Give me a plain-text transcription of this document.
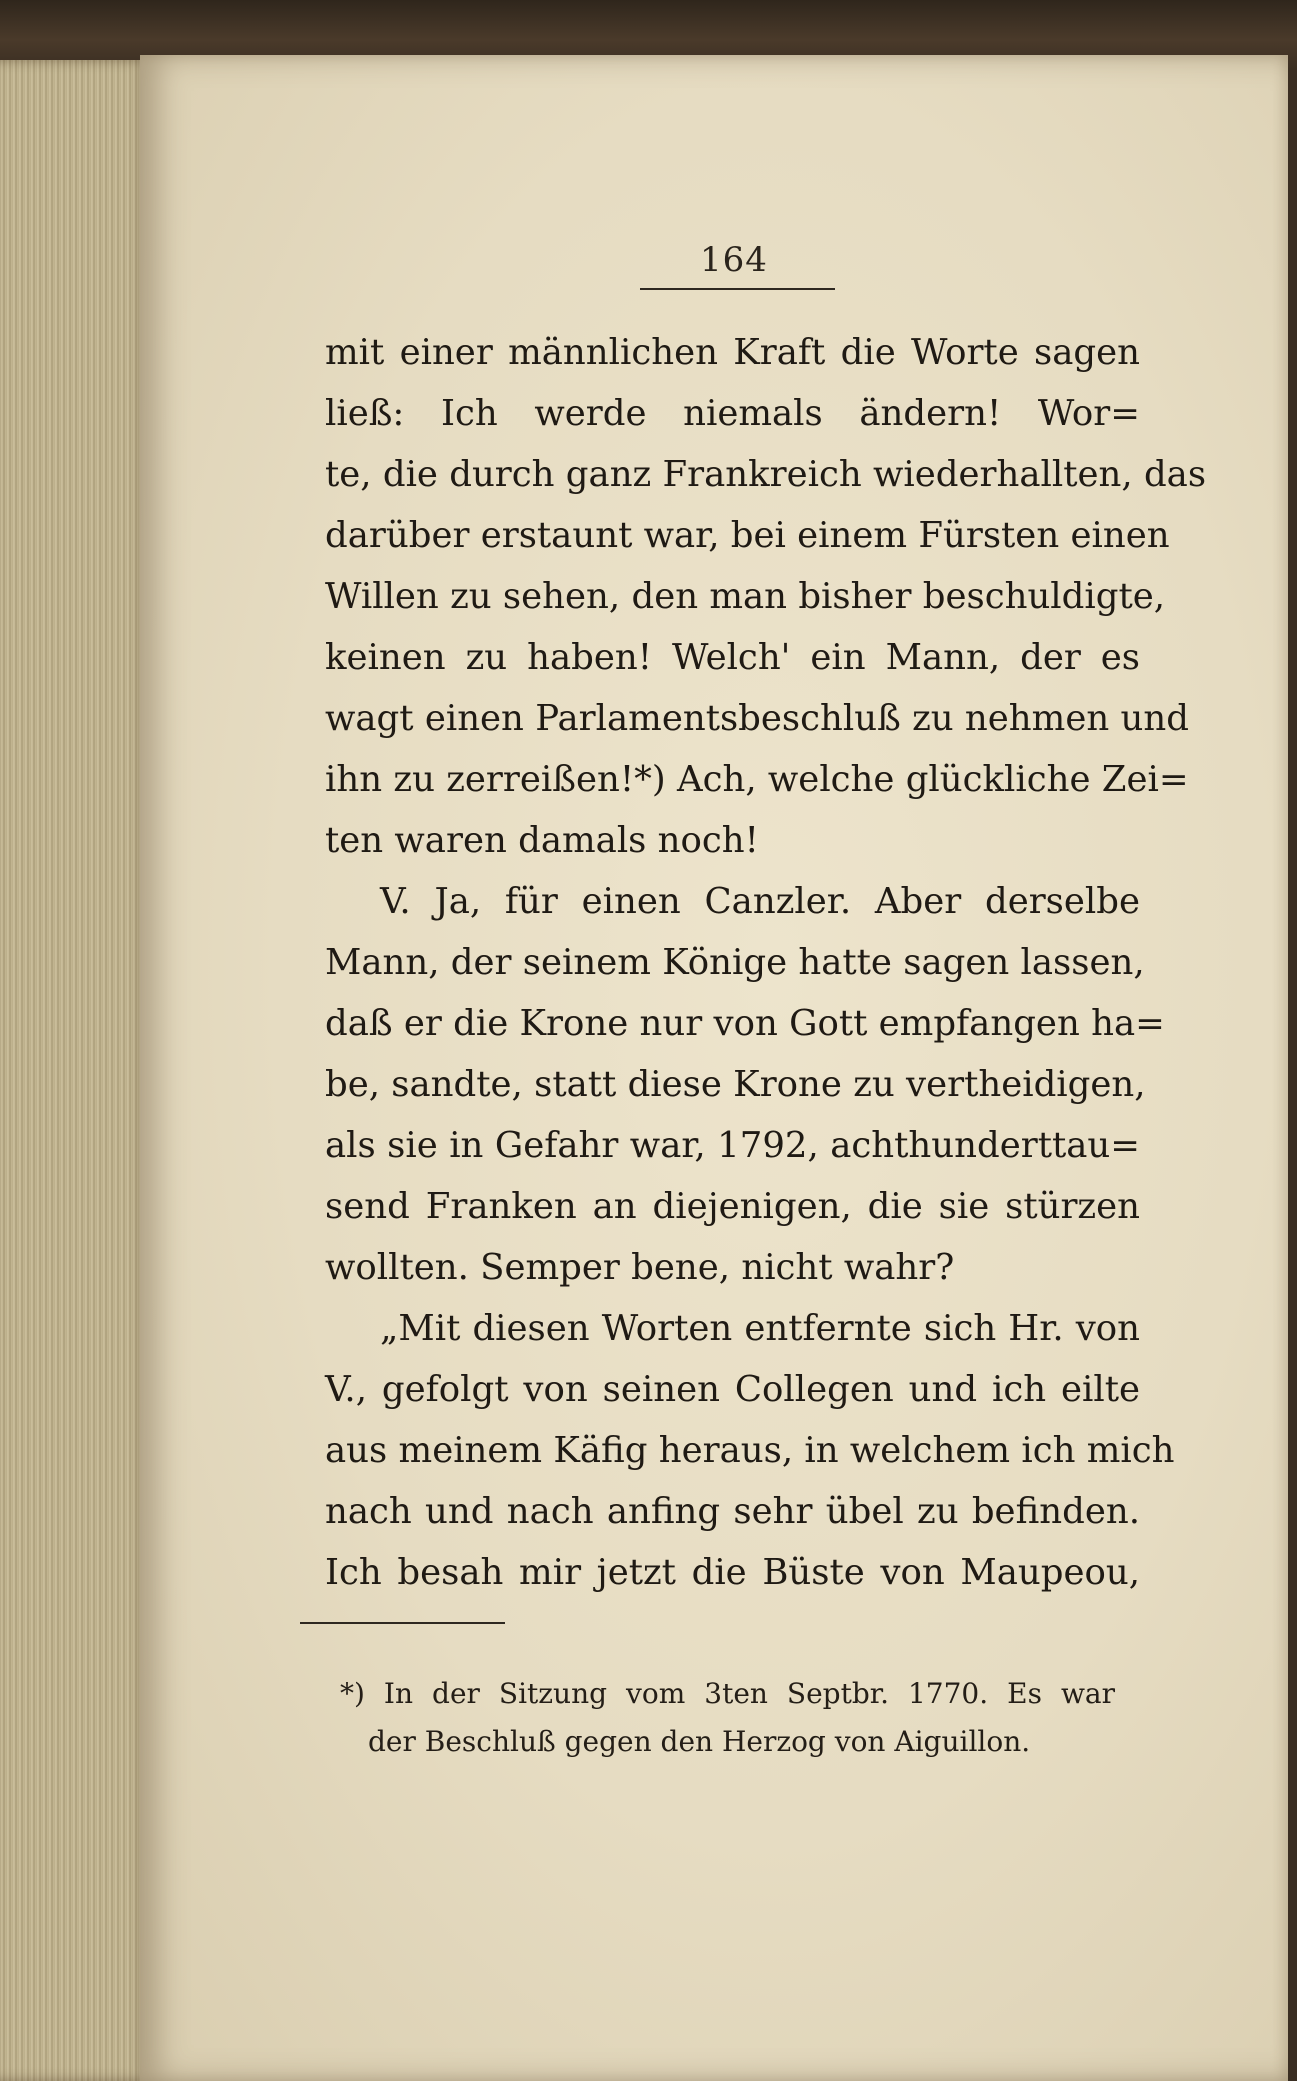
164
mit einer männlichen Kraft die Worte sagen
ließ: Ich werde niemals ändern! Wor=
te, die durch ganz Frankreich wiederhallten, das
darüber erstaunt war, bei einem Fürsten einen
Willen zu sehen, den man bisher beschuldigte,
keinen zu haben! Welch' ein Mann, der es
wagt einen Parlamentsbeschluß zu nehmen und
ihn zu zerreißen!*) Ach, welche glückliche Zei=
ten waren damals noch!
V. Ja, für einen Canzler. Aber derselbe
Mann, der seinem Könige hatte sagen lassen,
daß er die Krone nur von Gott empfangen ha=
be, sandte, statt diese Krone zu vertheidigen,
als sie in Gefahr war, 1792, achthunderttau=
send Franken an diejenigen, die sie stürzen
wollten. Semper bene, nicht wahr?
„Mit diesen Worten entfernte sich Hr. von
V., gefolgt von seinen Collegen und ich eilte
aus meinem Käfig heraus, in welchem ich mich
nach und nach anfing sehr übel zu befinden.
Ich besah mir jetzt die Büste von Maupeou,
*) In der Sitzung vom 3ten Septbr. 1770. Es war
der Beschluß gegen den Herzog von Aiguillon.
